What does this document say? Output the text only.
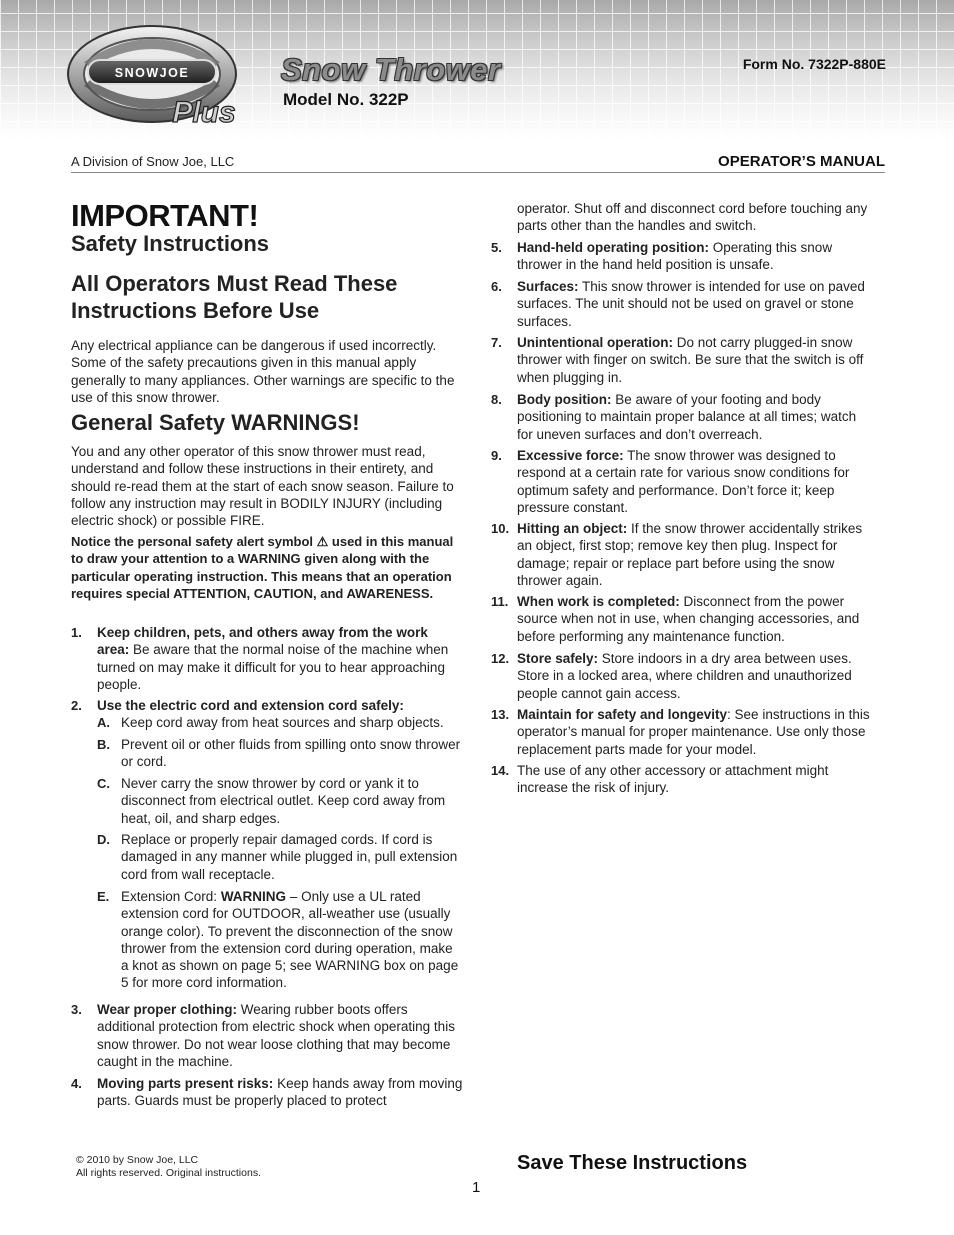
SNOWJOE
Plus
Snow Thrower
Model No. 322P
Form No. 7322P-880E
A Division of Snow Joe, LLC	OPERATOR’S MANUAL
IMPORTANT!
Safety Instructions
All Operators Must Read These Instructions Before Use
Any electrical appliance can be dangerous if used incorrectly. Some of the safety precautions given in this manual apply generally to many appliances. Other warnings are specific to the use of this snow thrower.
General Safety WARNINGS!
You and any other operator of this snow thrower must read, understand and follow these instructions in their entirety, and should re-read them at the start of each snow season. Failure to follow any instruction may result in BODILY INJURY (including electric shock) or possible FIRE.
Notice the personal safety alert symbol ⚠ used in this manual to draw your attention to a WARNING given along with the particular operating instruction. This means that an operation requires special ATTENTION, CAUTION, and AWARENESS.
1. Keep children, pets, and others away from the work area: Be aware that the normal noise of the machine when turned on may make it difficult for you to hear approaching people.
2. Use the electric cord and extension cord safely:
A. Keep cord away from heat sources and sharp objects.
B. Prevent oil or other fluids from spilling onto snow thrower or cord.
C. Never carry the snow thrower by cord or yank it to disconnect from electrical outlet. Keep cord away from heat, oil, and sharp edges.
D. Replace or properly repair damaged cords. If cord is damaged in any manner while plugged in, pull extension cord from wall receptacle.
E. Extension Cord: WARNING – Only use a UL rated extension cord for OUTDOOR, all-weather use (usually orange color). To prevent the disconnection of the snow thrower from the extension cord during operation, make a knot as shown on page 5; see WARNING box on page 5 for more cord information.
3. Wear proper clothing: Wearing rubber boots offers additional protection from electric shock when operating this snow thrower. Do not wear loose clothing that may become caught in the machine.
4. Moving parts present risks: Keep hands away from moving parts. Guards must be properly placed to protect
operator. Shut off and disconnect cord before touching any parts other than the handles and switch.
5. Hand-held operating position: Operating this snow thrower in the hand held position is unsafe.
6. Surfaces: This snow thrower is intended for use on paved surfaces. The unit should not be used on gravel or stone surfaces.
7. Unintentional operation: Do not carry plugged-in snow thrower with finger on switch. Be sure that the switch is off when plugging in.
8. Body position: Be aware of your footing and body positioning to maintain proper balance at all times; watch for uneven surfaces and don’t overreach.
9. Excessive force: The snow thrower was designed to respond at a certain rate for various snow conditions for optimum safety and performance. Don’t force it; keep pressure constant.
10. Hitting an object: If the snow thrower accidentally strikes an object, first stop; remove key then plug. Inspect for damage; repair or replace part before using the snow thrower again.
11. When work is completed: Disconnect from the power source when not in use, when changing accessories, and before performing any maintenance function.
12. Store safely: Store indoors in a dry area between uses. Store in a locked area, where children and unauthorized people cannot gain access.
13. Maintain for safety and longevity: See instructions in this operator’s manual for proper maintenance. Use only those replacement parts made for your model.
14. The use of any other accessory or attachment might increase the risk of injury.
© 2010 by Snow Joe, LLC
All rights reserved. Original instructions.	Save These Instructions
1
